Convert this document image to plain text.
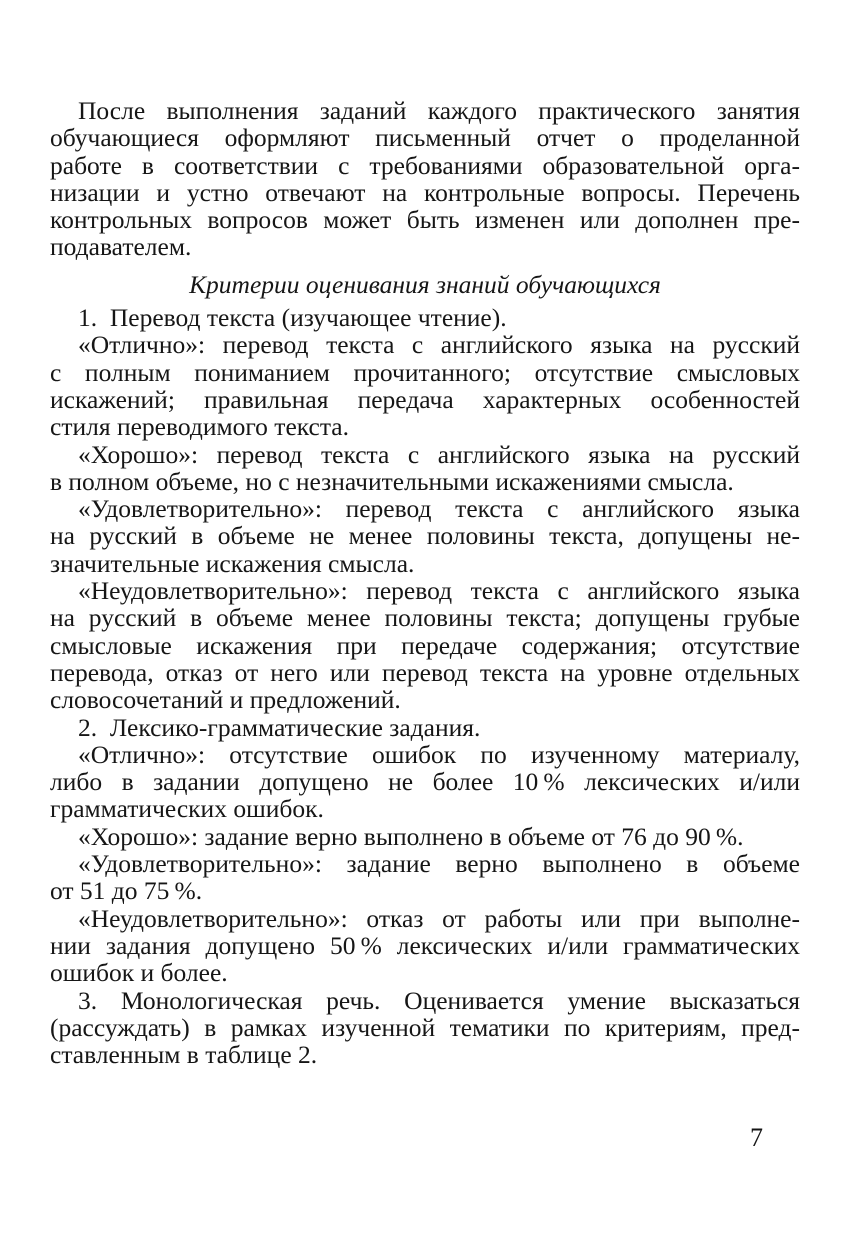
После выполнения заданий каждого практического занятия
обучающиеся оформляют письменный отчет о проделанной
работе в соответствии с требованиями образовательной орга-
низации и устно отвечают на контрольные вопросы. Перечень
контрольных вопросов может быть изменен или дополнен пре-
подавателем.
Критерии оценивания знаний обучающихся
1. Перевод текста (изучающее чтение).
«Отлично»: перевод текста с английского языка на русский
с полным пониманием прочитанного; отсутствие смысловых
искажений; правильная передача характерных особенностей
стиля переводимого текста.
«Хорошо»: перевод текста с английского языка на русский
в полном объеме, но с незначительными искажениями смысла.
«Удовлетворительно»: перевод текста с английского языка
на русский в объеме не менее половины текста, допущены не-
значительные искажения смысла.
«Неудовлетворительно»: перевод текста с английского языка
на русский в объеме менее половины текста; допущены грубые
смысловые искажения при передаче содержания; отсутствие
перевода, отказ от него или перевод текста на уровне отдельных
словосочетаний и предложений.
2. Лексико-грамматические задания.
«Отлично»: отсутствие ошибок по изученному материалу,
либо в задании допущено не более 10 % лексических и/или
грамматических ошибок.
«Хорошо»: задание верно выполнено в объеме от 76 до 90 %.
«Удовлетворительно»: задание верно выполнено в объеме
от 51 до 75 %.
«Неудовлетворительно»: отказ от работы или при выполне-
нии задания допущено 50 % лексических и/или грамматических
ошибок и более.
3. Монологическая речь. Оценивается умение высказаться
(рассуждать) в рамках изученной тематики по критериям, пред-
ставленным в таблице 2.
7
